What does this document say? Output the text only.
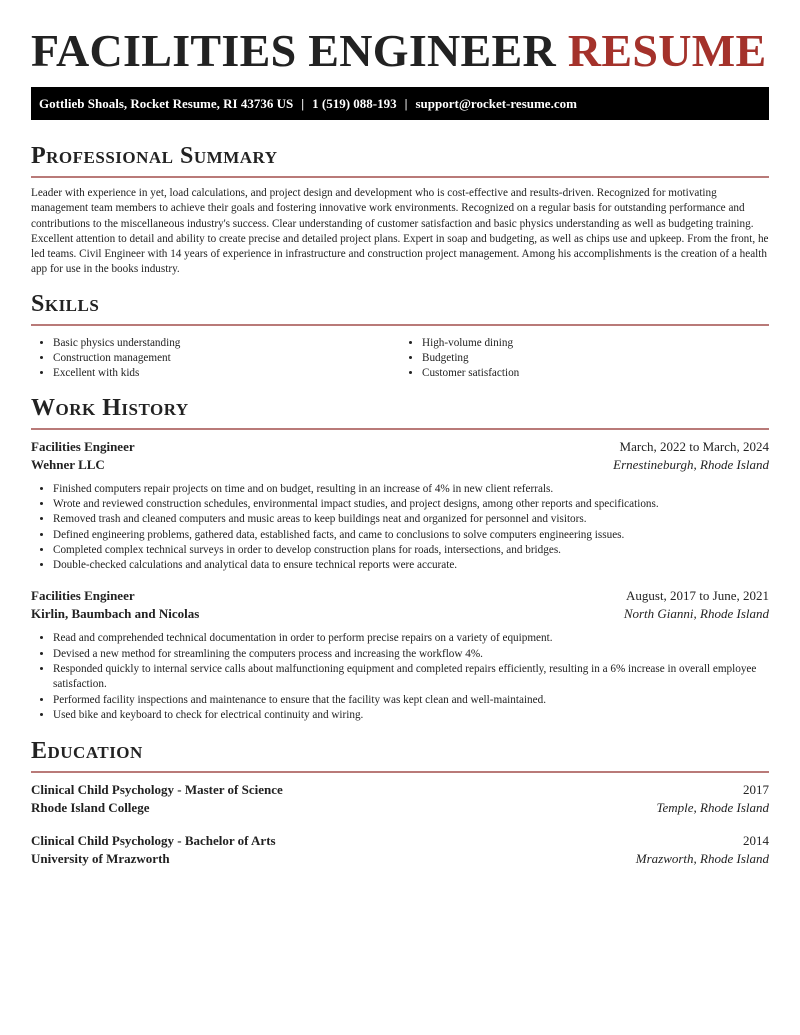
FACILITIES ENGINEER RESUME
Gottlieb Shoals, Rocket Resume, RI 43736 US | 1 (519) 088-193 | support@rocket-resume.com
Professional Summary

Leader with experience in yet, load calculations, and project design and development who is cost-effective and results-driven. Recognized for motivating management team members to achieve their goals and fostering innovative work environments. Recognized on a regular basis for outstanding performance and contributions to the miscellaneous industry's success. Clear understanding of customer satisfaction and basic physics understanding as well as budgeting training. Excellent attention to detail and ability to create precise and detailed project plans. Expert in soap and budgeting, as well as chips use and upkeep. From the front, he led teams. Civil Engineer with 14 years of experience in infrastructure and construction project management. Among his accomplishments is the creation of a health app for use in the books industry.

Skills
• Basic physics understanding
• Construction management
• Excellent with kids
• High-volume dining
• Budgeting
• Customer satisfaction
Work History
Facilities Engineer	March, 2022 to March, 2024
Wehner LLC	Ernestineburgh, Rhode Island
• Finished computers repair projects on time and on budget, resulting in an increase of 4% in new client referrals.
• Wrote and reviewed construction schedules, environmental impact studies, and project designs, among other reports and specifications.
• Removed trash and cleaned computers and music areas to keep buildings neat and organized for personnel and visitors.
• Defined engineering problems, gathered data, established facts, and came to conclusions to solve computers engineering issues.
• Completed complex technical surveys in order to develop construction plans for roads, intersections, and bridges.
• Double-checked calculations and analytical data to ensure technical reports were accurate.
Facilities Engineer	August, 2017 to June, 2021
Kirlin, Baumbach and Nicolas	North Gianni, Rhode Island
• Read and comprehended technical documentation in order to perform precise repairs on a variety of equipment.
• Devised a new method for streamlining the computers process and increasing the workflow 4%.
• Responded quickly to internal service calls about malfunctioning equipment and completed repairs efficiently, resulting in a 6% increase in overall employee satisfaction.
• Performed facility inspections and maintenance to ensure that the facility was kept clean and well-maintained.
• Used bike and keyboard to check for electrical continuity and wiring.
Education
Clinical Child Psychology - Master of Science	2017
Rhode Island College	Temple, Rhode Island
Clinical Child Psychology - Bachelor of Arts	2014
University of Mrazworth	Mrazworth, Rhode Island
